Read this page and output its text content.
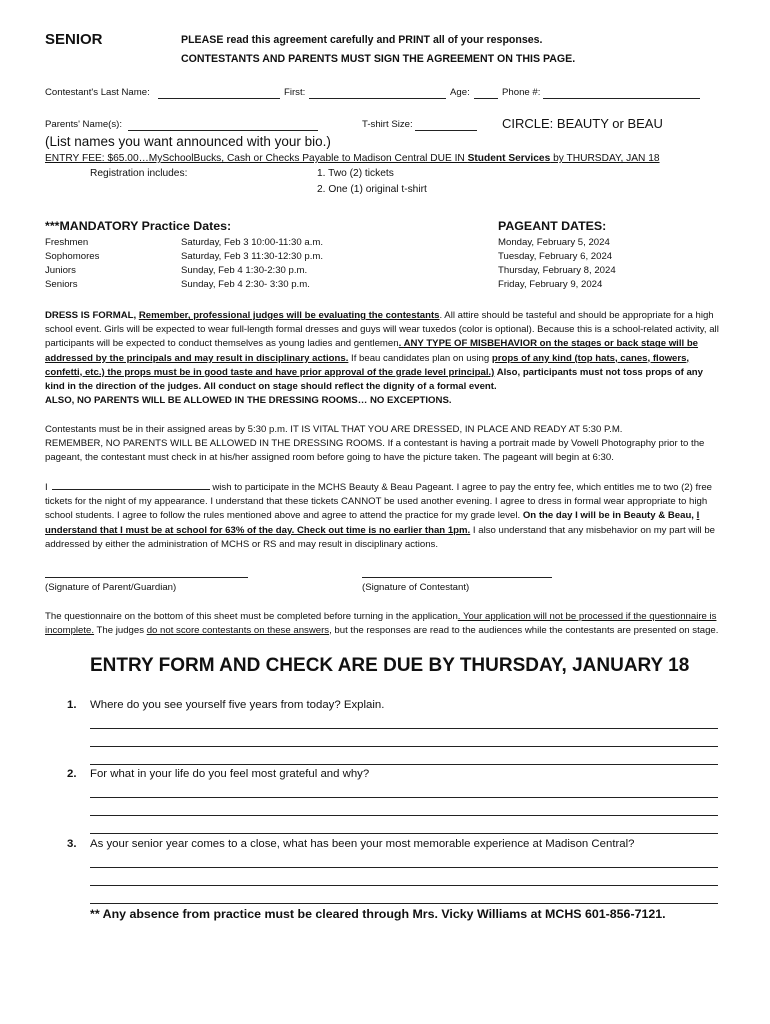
SENIOR	PLEASE read this agreement carefully and PRINT all of your responses.
CONTESTANTS AND PARENTS MUST SIGN THE AGREEMENT ON THIS PAGE.
Contestant's Last Name:	First:	Age:	Phone #:
Parents' Name(s):	T-shirt Size:	CIRCLE: BEAUTY or BEAU
(List names you want announced with your bio.)
ENTRY FEE: $65.00…MySchoolBucks, Cash or Checks Payable to Madison Central DUE IN Student Services by THURSDAY, JAN 18
Registration includes:	1. Two (2) tickets
2. One (1) original t-shirt
***MANDATORY Practice Dates:
Freshmen	Saturday, Feb 3 10:00-11:30 a.m.
Sophomores	Saturday, Feb 3 11:30-12:30 p.m.
Juniors	Sunday, Feb 4 1:30-2:30 p.m.
Seniors	Sunday, Feb 4 2:30- 3:30 p.m.
PAGEANT DATES:
Monday, February 5, 2024
Tuesday, February 6, 2024
Thursday, February 8, 2024
Friday, February 9, 2024
DRESS IS FORMAL, Remember, professional judges will be evaluating the contestants. All attire should be tasteful and should be appropriate for a high school event. Girls will be expected to wear full-length formal dresses and guys will wear tuxedos (color is optional). Because this is a school-related activity, all participants will be expected to conduct themselves as young ladies and gentlemen. ANY TYPE OF MISBEHAVIOR on the stages or back stage will be addressed by the principals and may result in disciplinary actions. If beau candidates plan on using props of any kind (top hats, canes, flowers, confetti, etc.) the props must be in good taste and have prior approval of the grade level principal.) Also, participants must not toss props of any kind in the direction of the judges. All conduct on stage should reflect the dignity of a formal event.
ALSO, NO PARENTS WILL BE ALLOWED IN THE DRESSING ROOMS… NO EXCEPTIONS.
Contestants must be in their assigned areas by 5:30 p.m. IT IS VITAL THAT YOU ARE DRESSED, IN PLACE AND READY AT 5:30 P.M.
REMEMBER, NO PARENTS WILL BE ALLOWED IN THE DRESSING ROOMS. If a contestant is having a portrait made by Vowell Photography prior to the pageant, the contestant must check in at his/her assigned room before going to have the picture taken. The pageant will begin at 6:30.
I	wish to participate in the MCHS Beauty & Beau Pageant. I agree to pay the entry fee, which entitles me to two (2) free tickets for the night of my appearance. I understand that these tickets CANNOT be used another evening. I agree to dress in formal wear appropriate to high school students. I agree to follow the rules mentioned above and agree to attend the practice for my grade level. On the day I will be in Beauty & Beau, I understand that I must be at school for 63% of the day. Check out time is no earlier than 1pm. I also understand that any misbehavior on my part will be addressed by either the administration of MCHS or RS and may result in disciplinary actions.
(Signature of Parent/Guardian)	(Signature of Contestant)
The questionnaire on the bottom of this sheet must be completed before turning in the application. Your application will not be processed if the questionnaire is incomplete. The judges do not score contestants on these answers, but the responses are read to the audiences while the contestants are presented on stage.
ENTRY FORM AND CHECK ARE DUE BY THURSDAY, JANUARY 18
1. Where do you see yourself five years from today? Explain.
2. For what in your life do you feel most grateful and why?
3. As your senior year comes to a close, what has been your most memorable experience at Madison Central?
** Any absence from practice must be cleared through Mrs. Vicky Williams at MCHS 601-856-7121.
